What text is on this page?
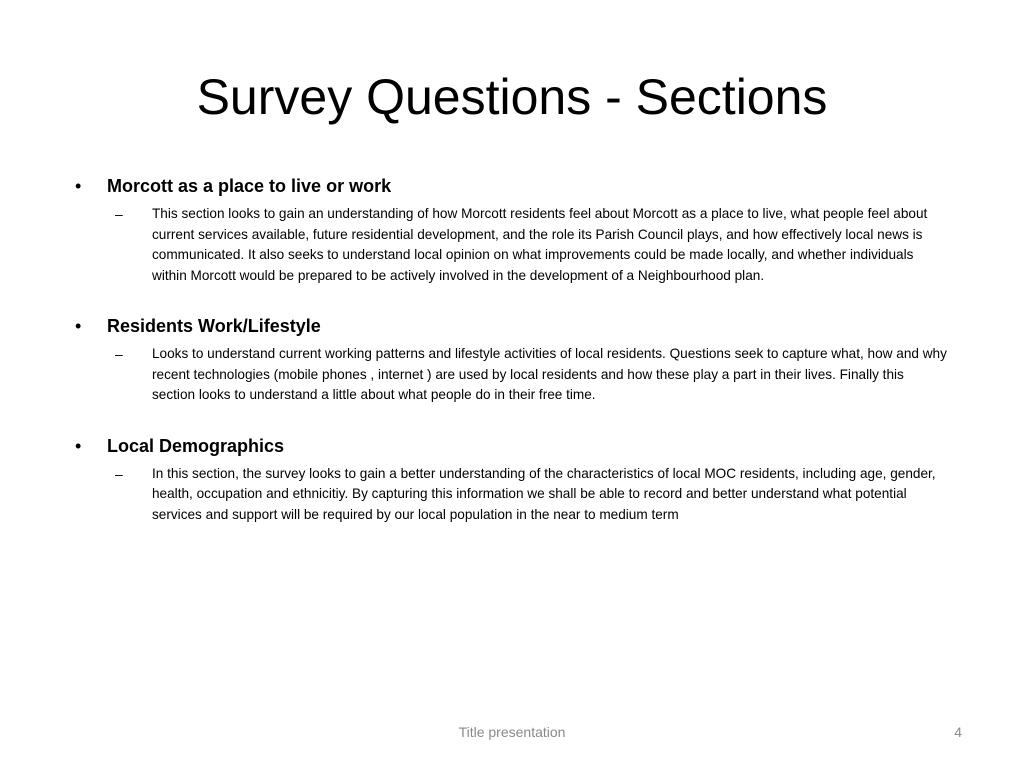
Survey Questions - Sections
•	Morcott as a place to live or work
–	This section looks to gain an understanding of how Morcott residents feel about Morcott as a place to live, what people feel about current services available, future residential development, and the role its Parish Council plays, and how effectively local news is communicated. It also seeks to understand local opinion on what improvements could be made locally, and whether individuals within Morcott would be prepared to be actively involved in the development of a Neighbourhood plan.
•	Residents Work/Lifestyle
–	Looks to understand current working patterns and lifestyle activities of local residents. Questions seek to capture what, how and why recent technologies (mobile phones , internet ) are used by local residents and how these play a part in their lives. Finally this section looks to understand a little about what people do in their free time.
•	Local Demographics
–	In this section, the survey looks to gain a better understanding of the characteristics of local MOC residents, including age, gender, health, occupation and ethnicitiy. By capturing this information we shall be able to record and better understand what potential services and support will be required by our local population in the near to medium term
Title presentation	4
